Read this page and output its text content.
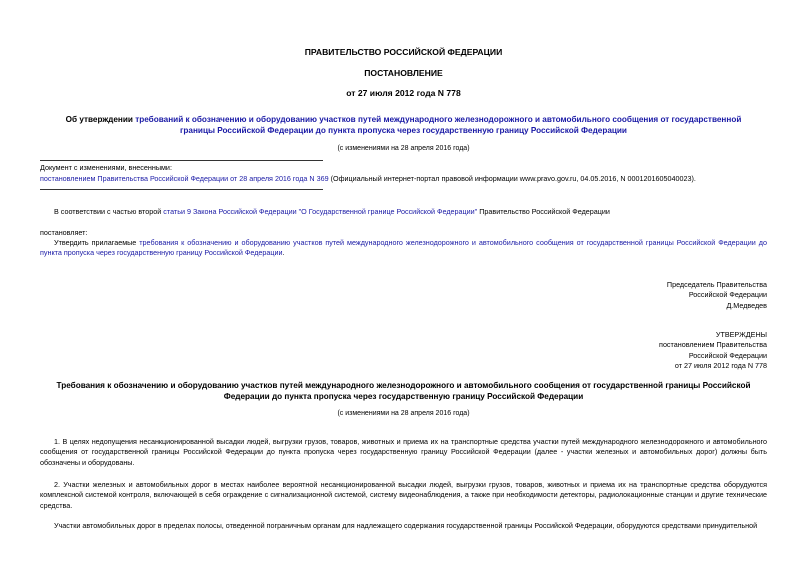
ПРАВИТЕЛЬСТВО РОССИЙСКОЙ ФЕДЕРАЦИИ
ПОСТАНОВЛЕНИЕ
от 27 июля 2012 года N 778
Об утверждении требований к обозначению и оборудованию участков путей международного железнодорожного и автомобильного сообщения от государственной границы Российской Федерации до пункта пропуска через государственную границу Российской Федерации
(с изменениями на 28 апреля 2016 года)
Документ с изменениями, внесенными:
постановлением Правительства Российской Федерации от 28 апреля 2016 года N 369 (Официальный интернет-портал правовой информации www.pravo.gov.ru, 04.05.2016, N 0001201605040023).
В соответствии с частью второй статьи 9 Закона Российской Федерации "О Государственной границе Российской Федерации" Правительство Российской Федерации
постановляет:
Утвердить прилагаемые требования к обозначению и оборудованию участков путей международного железнодорожного и автомобильного сообщения от государственной границы Российской Федерации до пункта пропуска через государственную границу Российской Федерации.
Председатель Правительства
Российской Федерации
Д.Медведев
УТВЕРЖДЕНЫ
постановлением Правительства
Российской Федерации
от 27 июля 2012 года N 778
Требования к обозначению и оборудованию участков путей международного железнодорожного и автомобильного сообщения от государственной границы Российской Федерации до пункта пропуска через государственную границу Российской Федерации
(с изменениями на 28 апреля 2016 года)
1. В целях недопущения несанкционированной высадки людей, выгрузки грузов, товаров, животных и приема их на транспортные средства участки путей международного железнодорожного и автомобильного сообщения от государственной границы Российской Федерации до пункта пропуска через государственную границу Российской Федерации (далее - участки железных и автомобильных дорог) должны быть обозначены и оборудованы.
2. Участки железных и автомобильных дорог в местах наиболее вероятной несанкционированной высадки людей, выгрузки грузов, товаров, животных и приема их на транспортные средства оборудуются комплексной системой контроля, включающей в себя ограждение с сигнализационной системой, систему видеонаблюдения, а также при необходимости детекторы, радиолокационные станции и другие технические средства.
Участки автомобильных дорог в пределах полосы, отведенной пограничным органам для надлежащего содержания государственной границы Российской Федерации, оборудуются средствами принудительной
